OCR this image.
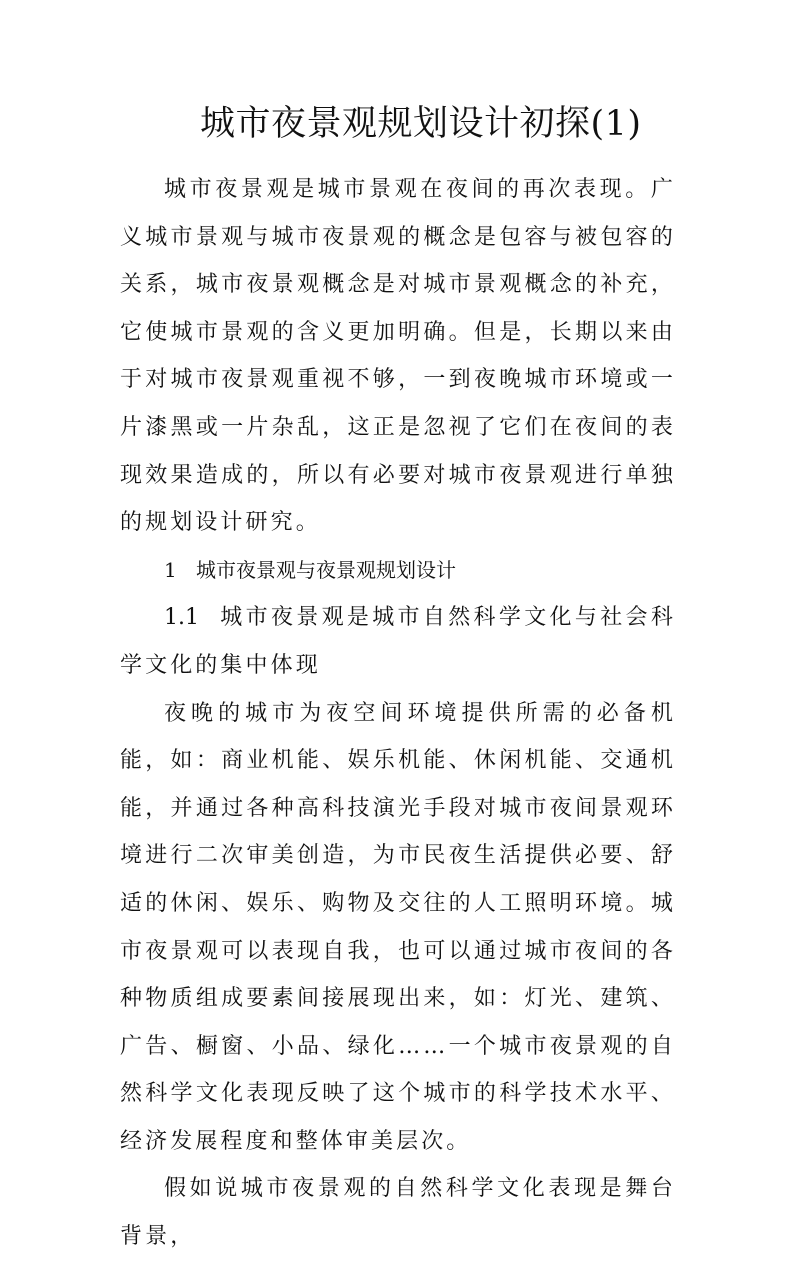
城市夜景观规划设计初探(1)

城市夜景观是城市景观在夜间的再次表现。广义城市景观与城市夜景观的概念是包容与被包容的关系，城市夜景观概念是对城市景观概念的补充，它使城市景观的含义更加明确。但是，长期以来由于对城市夜景观重视不够，一到夜晚城市环境或一片漆黑或一片杂乱，这正是忽视了它们在夜间的表现效果造成的，所以有必要对城市夜景观进行单独的规划设计研究。

1 城市夜景观与夜景观规划设计

1.1 城市夜景观是城市自然科学文化与社会科学文化的集中体现

夜晚的城市为夜空间环境提供所需的必备机能，如：商业机能、娱乐机能、休闲机能、交通机能，并通过各种高科技演光手段对城市夜间景观环境进行二次审美创造，为市民夜生活提供必要、舒适的休闲、娱乐、购物及交往的人工照明环境。城市夜景观可以表现自我，也可以通过城市夜间的各种物质组成要素间接展现出来，如：灯光、建筑、广告、橱窗、小品、绿化……一个城市夜景观的自然科学文化表现反映了这个城市的科学技术水平、经济发展程度和整体审美层次。

假如说城市夜景观的自然科学文化表现是舞台背景，
